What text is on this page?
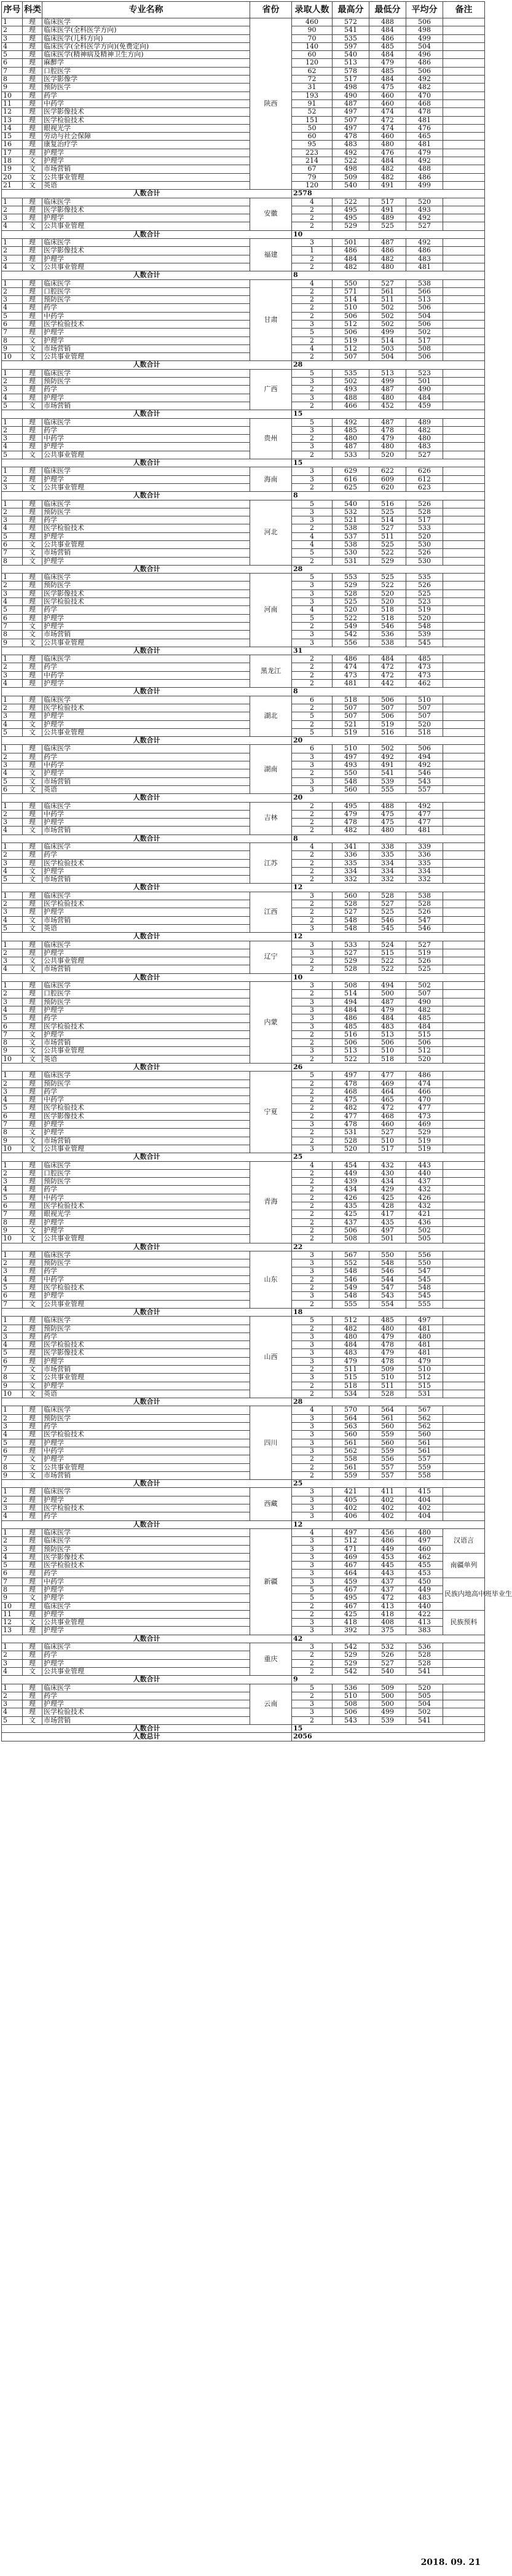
序号	科类	专业名称	省份	录取人数	最高分	最低分	平均分	备注
1	理	临床医学	陕西	460	572	488	506	
2	理	临床医学(全科医学方向)		90	541	484	498	
3	理	临床医学(儿科方向)		70	535	486	499	
4	理	临床医学(全科医学方向)(免费定向)		140	597	485	504	
5	理	临床医学(精神病及精神卫生方向)		60	540	484	496	
6	理	麻醉学		120	513	479	486	
7	理	口腔医学		62	578	485	506	
8	理	医学影像学		72	517	484	492	
9	理	预防医学		31	498	475	482	
10	理	药学		193	490	460	470	
11	理	中药学		91	487	460	468	
12	理	医学影像技术		52	497	474	478	
13	理	医学检验技术		151	507	472	481	
14	理	眼视光学		50	497	474	476	
15	理	劳动与社会保障		60	478	460	465	
16	理	康复治疗学		95	483	480	481	
17	理	护理学		223	492	476	479	
18	文	护理学		214	522	484	492	
19	文	市场营销		67	498	482	488	
20	文	公共事业管理		79	509	482	486	
21	文	英语		120	540	491	499	
人数合计				2578				
1	理	临床医学	安徽	4	522	517	520	
2	理	医学影像技术		2	495	491	493	
3	理	护理学		2	495	489	492	
4	文	公共事业管理		2	529	525	527	
人数合计				10				
1	理	临床医学	福建	3	501	487	492	
2	理	医学影像技术		1	486	486	486	
3	理	护理学		2	484	482	483	
4	文	公共事业管理		2	482	480	481	
人数合计				8				
1	理	临床医学	甘肃	4	550	527	538	
2	理	口腔医学		2	571	561	566	
3	理	预防医学		2	514	511	513	
4	理	药学		2	510	502	506	
5	理	中药学		2	506	502	504	
6	理	医学检验技术		3	512	502	506	
7	理	护理学		5	506	499	502	
8	文	护理学		2	519	514	517	
9	文	市场营销		4	512	503	508	
10	文	公共事业管理		2	507	504	506	
人数合计				28				
1	理	临床医学	广西	5	535	513	523	
2	理	预防医学		3	502	499	501	
3	理	药学		2	493	487	490	
4	理	护理学		3	488	480	484	
5	文	市场营销		2	466	452	459	
人数合计				15				
1	理	临床医学	贵州	5	492	487	489	
2	理	药学		3	485	478	482	
3	理	中药学		2	480	479	480	
4	理	护理学		3	487	480	483	
5	文	公共事业管理		2	533	520	527	
人数合计				15				
1	理	临床医学	海南	3	629	622	626	
2	理	护理学		3	616	609	612	
3	文	公共事业管理		2	625	620	623	
人数合计				8				
1	理	临床医学	河北	5	540	516	526	
2	理	预防医学		3	532	525	528	
3	理	药学		3	521	514	517	
4	理	医学检验技术		2	538	527	533	
5	理	护理学		4	537	511	520	
6	文	公共事业管理		4	538	525	530	
7	文	市场营销		5	530	522	526	
8	文	护理学		2	531	529	530	
人数合计				28				
1	理	临床医学	河南	5	553	525	535	
2	理	预防医学		3	529	522	526	
3	理	医学影像技术		3	528	520	525	
4	理	医学检验技术		3	525	520	523	
5	理	药学		4	520	518	519	
6	理	护理学		5	522	518	520	
7	文	护理学		2	549	546	548	
8	文	市场营销		3	542	536	539	
9	文	公共事业管理		3	556	538	545	
人数合计				31				
1	理	临床医学	黑龙江	2	486	484	485	
2	理	药学		2	474	472	473	
3	理	中药学		2	473	472	473	
4	理	护理学		2	481	442	462	
人数合计				8				
1	理	临床医学	湖北	6	518	506	510	
2	理	医学检验技术		2	507	507	507	
3	理	护理学		5	507	506	507	
4	文	护理学		2	521	519	520	
5	文	公共事业管理		5	519	516	518	
人数合计				20				
1	理	临床医学	湖南	6	510	502	506	
2	理	药学		3	497	492	494	
3	理	中药学		3	493	491	492	
4	文	护理学		2	550	541	546	
5	文	市场营销		3	548	539	543	
6	文	英语		3	560	555	557	
人数合计				20				
1	理	临床医学	吉林	2	495	488	492	
2	理	中药学		2	479	475	477	
3	理	护理学		2	478	475	477	
4	文	市场营销		2	482	480	481	
人数合计				8				
1	理	临床医学	江苏	4	341	338	339	
2	理	药学		2	336	335	336	
3	理	医学检验技术		2	335	334	335	
4	文	护理学		2	334	334	334	
5	文	市场营销		2	332	332	332	
人数合计				12				
1	理	临床医学	江西	3	560	528	538	
2	理	医学检验技术		2	528	527	528	
3	理	护理学		2	527	525	526	
4	文	市场营销		2	548	546	547	
5	文	英语		3	548	545	546	
人数合计				12				
1	理	临床医学	辽宁	3	533	524	527	
2	理	护理学		3	527	515	519	
3	文	公共事业管理		2	529	522	526	
4	文	市场营销		2	528	522	525	
人数合计				10				
1	理	临床医学	内蒙	3	508	494	502	
2	理	口腔医学		2	514	500	507	
3	理	预防医学		3	494	487	490	
4	理	护理学		3	484	479	482	
5	理	药学		3	486	484	485	
6	理	医学检验技术		3	485	483	484	
7	文	护理学		2	516	513	515	
8	文	市场营销		2	506	506	506	
9	文	公共事业管理		3	513	510	512	
10	文	英语		2	522	518	520	
人数合计				26				
1	理	临床医学	宁夏	5	497	477	486	
2	理	预防医学		2	478	469	474	
3	理	药学		2	468	464	466	
4	理	中药学		2	475	465	470	
5	理	医学检验技术		2	482	472	477	
6	理	医学影像技术		2	477	468	473	
7	理	护理学		3	478	460	469	
8	文	护理学		2	531	527	529	
9	文	市场营销		2	528	510	519	
10	文	公共事业管理		3	520	517	519	
人数合计				25				
1	理	临床医学	青海	4	454	432	443	
2	理	口腔医学		2	449	430	440	
3	理	预防医学		2	439	434	437	
4	理	药学		2	434	429	432	
5	理	中药学		2	426	425	426	
6	理	医学检验技术		2	435	428	432	
7	理	眼视光学		2	425	417	421	
8	理	护理学		2	437	435	436	
9	文	护理学		2	506	497	502	
10	文	公共事业管理		2	508	501	505	
人数合计				22				
1	理	临床医学	山东	3	567	550	556	
2	理	预防医学		3	552	548	550	
3	理	药学		3	548	546	547	
4	理	中药学		2	546	544	545	
5	理	医学检验技术		2	549	547	548	
6	理	护理学		3	548	543	545	
7	文	公共事业管理		2	555	554	555	
人数合计				18				
1	理	临床医学	山西	5	512	485	497	
2	理	预防医学		2	482	480	481	
3	理	药学		3	480	479	480	
4	理	医学检验技术		3	484	478	481	
5	理	医学影像技术		3	483	479	481	
6	理	护理学		3	479	478	479	
7	文	市场营销		2	511	509	510	
8	文	公共事业管理		3	515	510	512	
9	文	护理学		2	518	511	515	
10	文	英语		2	534	528	531	
人数合计				28				
1	理	临床医学	四川	4	570	564	567	
2	理	预防医学		3	564	561	562	
3	理	药学		3	563	560	562	
4	理	医学检验技术		3	560	559	560	
5	理	护理学		3	561	560	561	
6	理	中药学		3	562	559	561	
7	文	护理学		2	558	556	557	
8	文	公共事业管理		2	561	557	559	
9	文	市场营销		2	559	557	558	
人数合计				25				
1	理	临床医学	西藏	3	421	411	415	
2	理	护理学		3	405	402	404	
3	理	医学检验技术		3	402	402	402	
4	理	药学		3	406	402	404	
人数合计				12				
1	理	临床医学	新疆	4	497	456	480	汉语言
2	理	临床医学		3	512	486	497	
3	理	预防医学		3	471	449	460	
4	理	医学影像技术		3	469	453	462	南疆单列
5	理	医学检验技术		3	467	445	455	
6	理	药学		3	464	443	453	
7	理	中药学		3	459	437	450	民族内地高中班毕业生
8	理	护理学		5	467	437	449	
9	文	护理学		5	495	472	483	
10	理	临床医学		2	467	413	440	
11	理	护理学		2	425	418	422	民族预科
12	文	公共事业管理		3	418	408	413	
13	理	护理学		3	392	375	383	
人数合计				42				
1	理	临床医学	重庆	3	542	532	536	
2	理	药学		2	529	526	528	
3	理	护理学		2	529	527	528	
4	文	公共事业管理		2	542	540	541	
人数合计				9				
1	理	临床医学	云南	5	536	509	520	
2	理	药学		2	510	500	505	
3	理	护理学		3	508	500	504	
4	理	医学检验技术		3	506	499	502	
5	文	市场营销		2	543	539	541	
人数合计				15				
人数总计				2056				
2018. 09. 21
